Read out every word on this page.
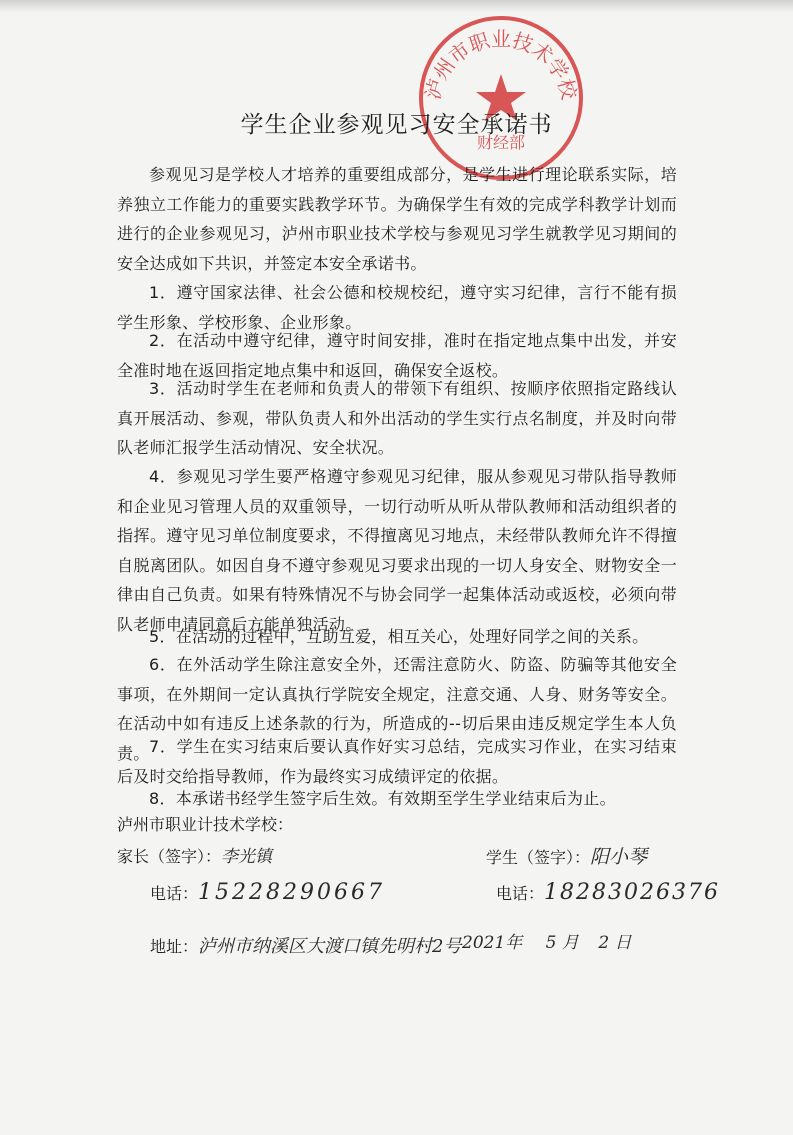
泸州市职业技术学校
财经部
学生企业参观见习安全承诺书

参观见习是学校人才培养的重要组成部分，是学生进行理论联系实际，培养独立工作能力的重要实践教学环节。为确保学生有效的完成学科教学计划而进行的企业参观见习，泸州市职业技术学校与参观见习学生就教学见习期间的安全达成如下共识，并签定本安全承诺书。

1．遵守国家法律、社会公德和校规校纪，遵守实习纪律，言行不能有损学生形象、学校形象、企业形象。

2．在活动中遵守纪律，遵守时间安排，准时在指定地点集中出发，并安全准时地在返回指定地点集中和返回，确保安全返校。

3．活动时学生在老师和负责人的带领下有组织、按顺序依照指定路线认真开展活动、参观，带队负责人和外出活动的学生实行点名制度，并及时向带队老师汇报学生活动情况、安全状况。

4．参观见习学生要严格遵守参观见习纪律，服从参观见习带队指导教师和企业见习管理人员的双重领导，一切行动听从听从带队教师和活动组织者的指挥。遵守见习单位制度要求，不得擅离见习地点，未经带队教师允许不得擅自脱离团队。如因自身不遵守参观见习要求出现的一切人身安全、财物安全一律由自己负责。如果有特殊情况不与协会同学一起集体活动或返校，必须向带队老师申请同意后方能单独活动。

5．在活动的过程中，互助互爱，相互关心，处理好同学之间的关系。

6．在外活动学生除注意安全外，还需注意防火、防盗、防骗等其他安全事项，在外期间一定认真执行学院安全规定，注意交通、人身、财务等安全。在活动中如有违反上述条款的行为，所造成的--切后果由违反规定学生本人负责。 7．学生在实习结束后要认真作好实习总结，完成实习作业，在实习结束后及时交给指导教师，作为最终实习成绩评定的依据。

8．本承诺书经学生签字后生效。有效期至学生学业结束后为止。

泸州市职业计技术学校：
家长（签字）：李光镇	学生（签字）：阳小琴
电话：15228290667	电话：18283026376
地址：泸州市纳溪区大渡口镇先明村2号 2021年 5 月 2 日
